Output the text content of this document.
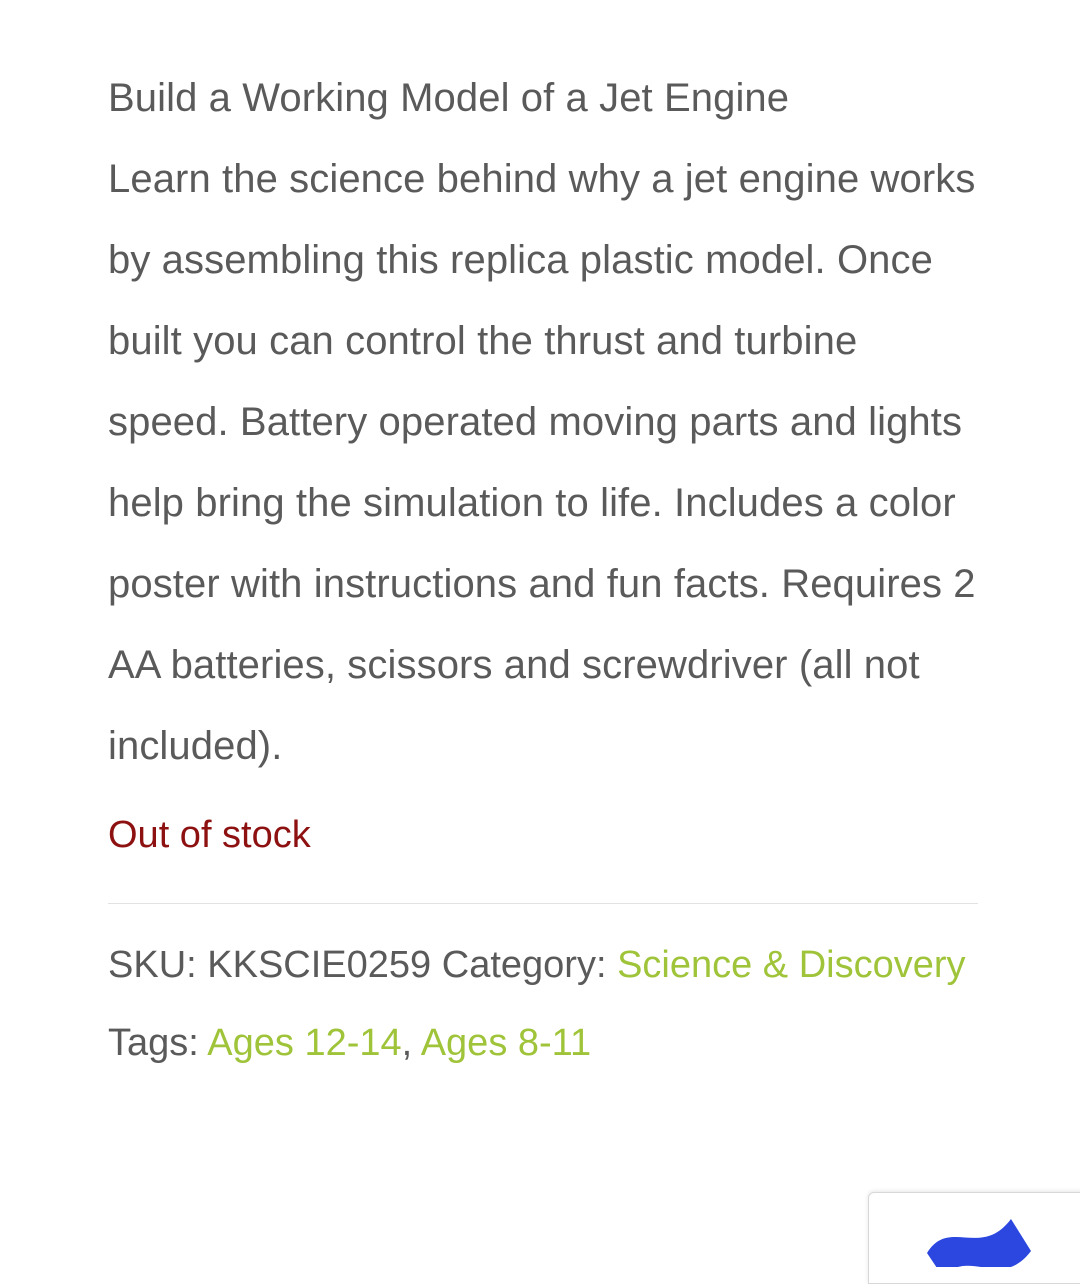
Build a Working Model of a Jet Engine
Learn the science behind why a jet engine works by assembling this replica plastic model. Once built you can control the thrust and turbine speed. Battery operated moving parts and lights help bring the simulation to life. Includes a color poster with instructions and fun facts. Requires 2 AA batteries, scissors and screwdriver (all not included).
Out of stock
SKU: KKSCIE0259 Category: Science & Discovery Tags: Ages 12-14, Ages 8-11
